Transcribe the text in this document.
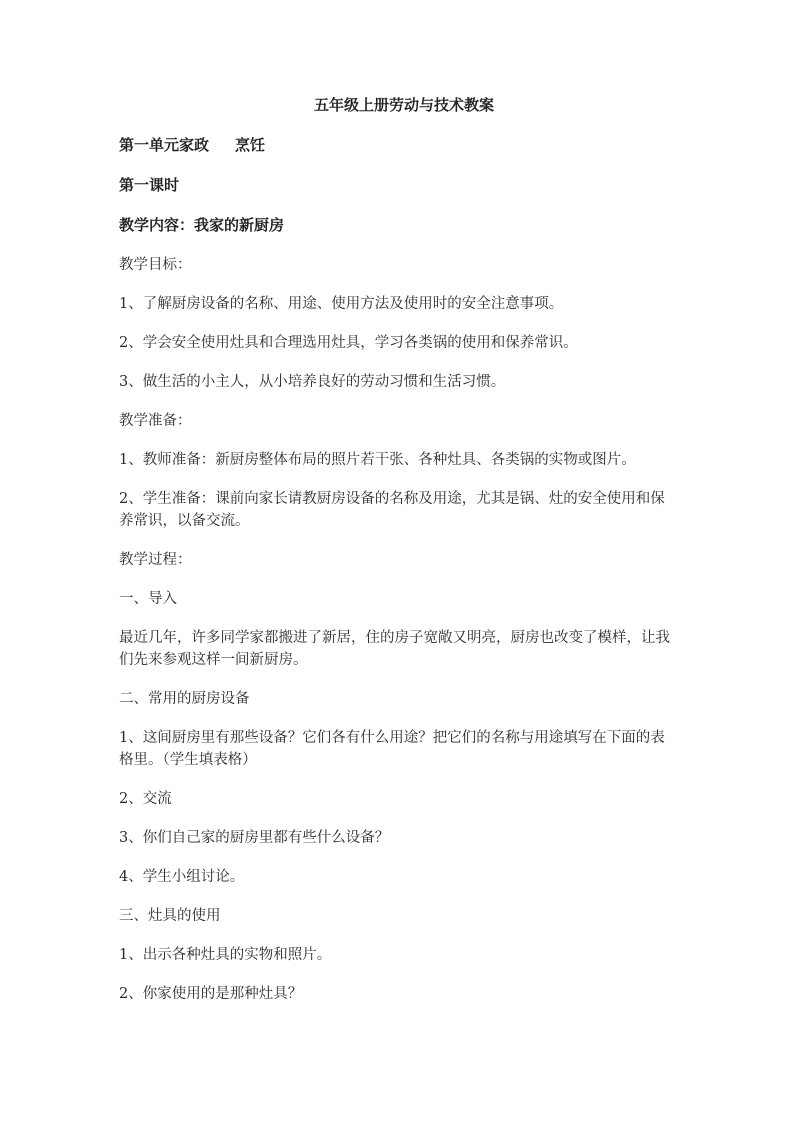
五年级上册劳动与技术教案
第一单元家政 烹饪
第一课时
教学内容：我家的新厨房
教学目标：
1、了解厨房设备的名称、用途、使用方法及使用时的安全注意事项。
2、学会安全使用灶具和合理选用灶具，学习各类锅的使用和保养常识。
3、做生活的小主人，从小培养良好的劳动习惯和生活习惯。
教学准备：
1、教师准备：新厨房整体布局的照片若干张、各种灶具、各类锅的实物或图片。
2、学生准备：课前向家长请教厨房设备的名称及用途，尤其是锅、灶的安全使用和保养常识，以备交流。
教学过程：
一、导入
最近几年，许多同学家都搬进了新居，住的房子宽敞又明亮，厨房也改变了模样，让我们先来参观这样一间新厨房。
二、常用的厨房设备
1、这间厨房里有那些设备？它们各有什么用途？把它们的名称与用途填写在下面的表格里。（学生填表格）
2、交流
3、你们自己家的厨房里都有些什么设备？
4、学生小组讨论。
三、灶具的使用
1、出示各种灶具的实物和照片。
2、你家使用的是那种灶具？
